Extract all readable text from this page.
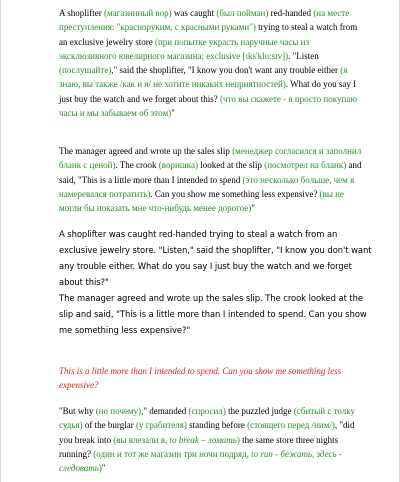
A shoplifter (магазинный вор) was caught (был пойман) red-handed (на месте преступления: "красноруким, с красными руками") trying to steal a watch from an exclusive jewelry store (при попытке украсть наручные часы из эксклюзивного ювелирного магазина; exclusive [ɪks'klu:sɪv]). "Listen (послушайте)," said the shoplifter, "I know you don't want any trouble either (я знаю, вы также /как и я/ не хотите никаких неприятностей). What do you say I just buy the watch and we forget about this? (что вы скажете - я просто покупаю часы и мы забываем об этом)"

The manager agreed and wrote up the sales slip (менеджер согласился и заполнил бланк с ценой). The crook (воришка) looked at the slip (посмотрел на бланк) and said, "This is a little more than I intended to spend (это несколько больше, чем я намеревался потратить). Can you show me something less expensive? (вы не могли бы показать мне что-нибудь менее дорогое)"

A shoplifter was caught red-handed trying to steal a watch from an exclusive jewelry store. "Listen," said the shoplifter, "I know you don't want any trouble either. What do you say I just buy the watch and we forget about this?"

The manager agreed and wrote up the sales slip. The crook looked at the slip and said, "This is a little more than I intended to spend. Can you show me something less expensive?"

This is a little more than I intended to spend. Can you show me something less expensive?

"But why (но почему)," demanded (спросил) the puzzled judge (сбитый с толку судья) of the burglar (у грабителя) standing before (стоящего перед /ним/), "did you break into (вы влезали в, to break – ломать) the same store three nights running? (один и тот же магазин три ночи подряд, to run - бежать, здесь - следовать)"
